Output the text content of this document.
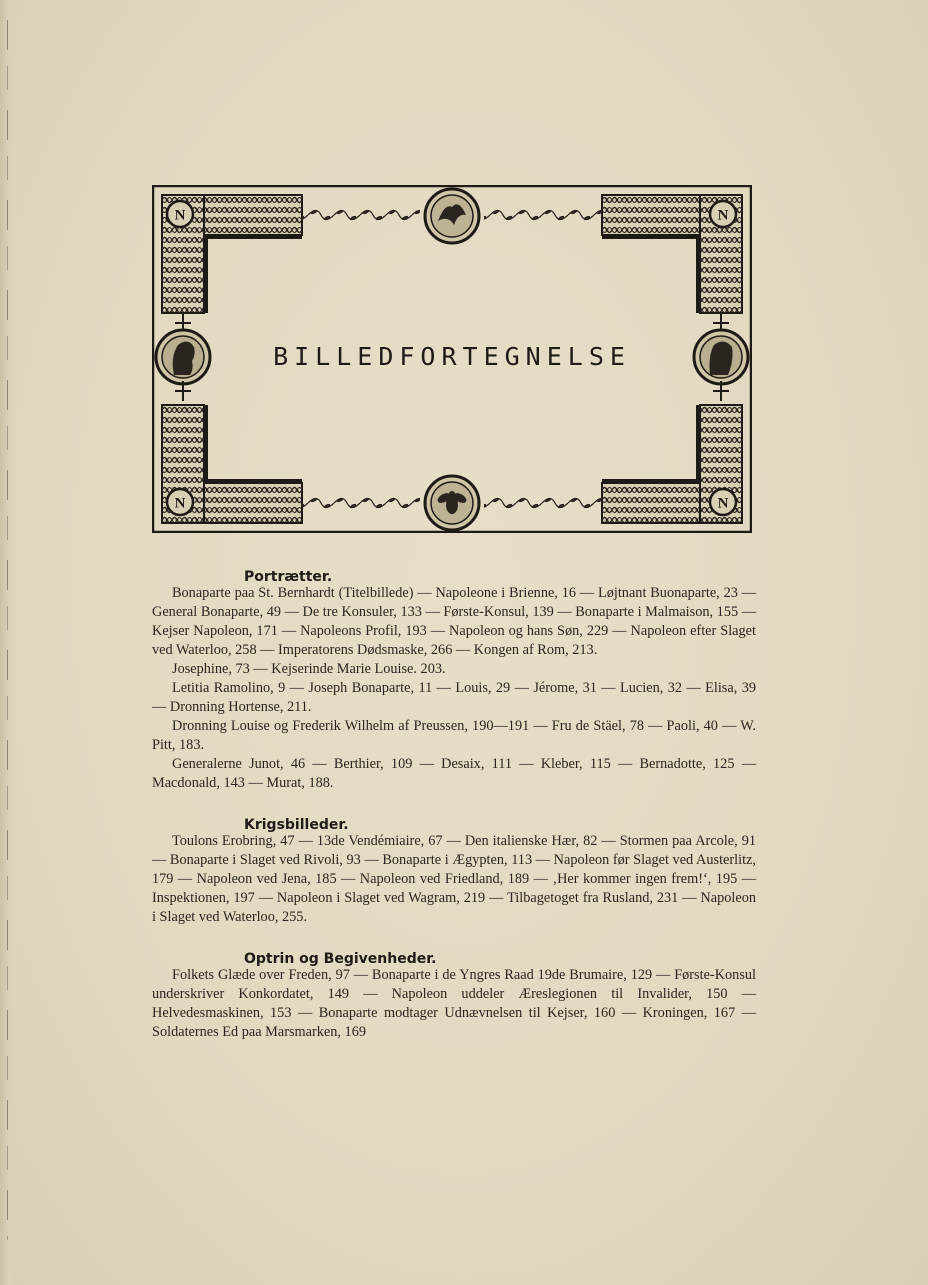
N	N
N	N
BILLEDFORTEGNELSE
Portrætter.

Bonaparte paa St. Bernhardt (Titelbillede) — Napoleone i Brienne, 16 — Løjtnant Buonaparte, 23 — General Bonaparte, 49 — De tre Konsuler, 133 — Første-Konsul, 139 — Bonaparte i Malmaison, 155 — Kejser Napoleon, 171 — Napoleons Profil, 193 — Napoleon og hans Søn, 229 — Napoleon efter Slaget ved Waterloo, 258 — Imperatorens Dødsmaske, 266 — Kongen af Rom, 213.

Josephine, 73 — Kejserinde Marie Louise. 203.

Letitia Ramolino, 9 — Joseph Bonaparte, 11 — Louis, 29 — Jérome, 31 — Lucien, 32 — Elisa, 39 — Dronning Hortense, 211.

Dronning Louise og Frederik Wilhelm af Preussen, 190—191 — Fru de Stäel, 78 — Paoli, 40 — W. Pitt, 183.

Generalerne Junot, 46 — Berthier, 109 — Desaix, 111 — Kleber, 115 — Bernadotte, 125 — Macdonald, 143 — Murat, 188.

Krigsbilleder.

Toulons Erobring, 47 — 13de Vendémiaire, 67 — Den italienske Hær, 82 — Stormen paa Arcole, 91 — Bonaparte i Slaget ved Rivoli, 93 — Bonaparte i Ægypten, 113 — Napoleon før Slaget ved Austerlitz, 179 — Napoleon ved Jena, 185 — Napoleon ved Friedland, 189 — ‚Her kommer ingen frem!‘, 195 — Inspektionen, 197 — Napoleon i Slaget ved Wagram, 219 — Tilbagetoget fra Rusland, 231 — Napoleon i Slaget ved Waterloo, 255.

Optrin og Begivenheder.

Folkets Glæde over Freden, 97 — Bonaparte i de Yngres Raad 19de Brumaire, 129 — Første-Konsul underskriver Konkordatet, 149 — Napoleon uddeler Æreslegionen til Invalider, 150 — Helvedesmaskinen, 153 — Bonaparte modtager Udnævnelsen til Kejser, 160 — Kroningen, 167 — Soldaternes Ed paa Marsmarken, 169
